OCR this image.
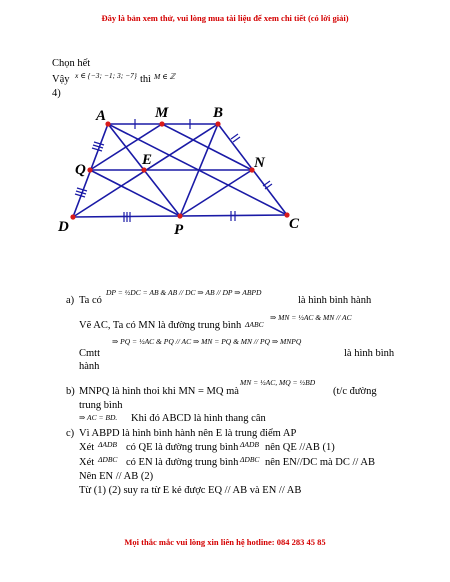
Đây là bản xem thử, vui lòng mua tài liệu để xem chi tiết (có lời giải)
Chọn hết
Vậy x ∈ {−3; −1; 3; −7} thì M ∈ ℤ
4)
A	M	B
Q
E	N
D	P	C
a) Ta có
DP = ½DC = AB & AB // DC ⇒ AB // DP ⇒ ABPD
là hình bình hành
Vẽ AC, Ta có MN là đường trung bình ΔABC
⇒ MN = ½AC & MN // AC
Cmtt
⇒ PQ = ½AC & PQ // AC ⇒ MN = PQ & MN // PQ ⇒ MNPQ
là hình bình
hành
b) MNPQ là hình thoi khi MN = MQ mà
MN = ½AC, MQ = ½BD
(t/c đường
trung bình
⇒ AC = BD. Khi đó ABCD là hình thang cân
c) Vì ABPD là hình bình hành nên E là trung điểm AP
Xét ΔADB có QE là đường trung bình ΔADB nên QE //AB (1)
Xét ΔDBC có EN là đường trung bình ΔDBC nên EN//DC mà DC // AB
Nên EN // AB (2)
Từ (1) (2) suy ra từ E kẻ được EQ // AB và EN // AB
Mọi thắc mắc vui lòng xin liên hệ hotline: 084 283 45 85
